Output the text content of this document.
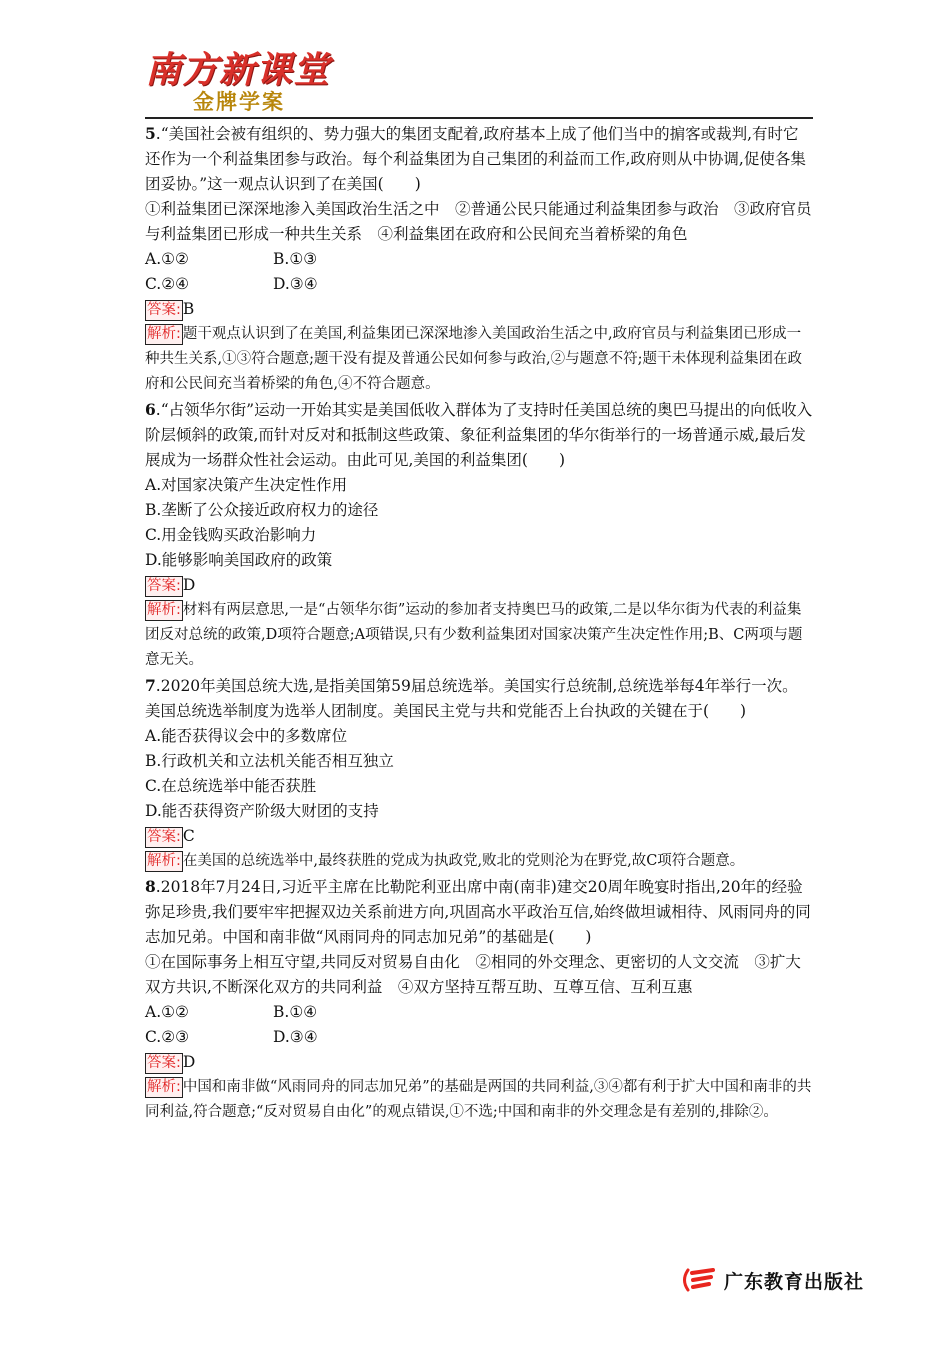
南方新课堂
金牌学案

5.“美国社会被有组织的、势力强大的集团支配着,政府基本上成了他们当中的掮客或裁判,有时它还作为一个利益集团参与政治。每个利益集团为自己集团的利益而工作,政府则从中协调,促使各集团妥协。”这一观点认识到了在美国(　　)

①利益集团已深深地渗入美国政治生活之中　②普通公民只能通过利益集团参与政治　③政府官员与利益集团已形成一种共生关系　④利益集团在政府和公民间充当着桥梁的角色

A.①②	B.①③
C.②④	D.③④

答案: B

解析: 题干观点认识到了在美国,利益集团已深深地渗入美国政治生活之中,政府官员与利益集团已形成一种共生关系,①③符合题意;题干没有提及普通公民如何参与政治,②与题意不符;题干未体现利益集团在政府和公民间充当着桥梁的角色,④不符合题意。

6.“占领华尔街”运动一开始其实是美国低收入群体为了支持时任美国总统的奥巴马提出的向低收入阶层倾斜的政策,而针对反对和抵制这些政策、象征利益集团的华尔街举行的一场普通示威,最后发展成为一场群众性社会运动。由此可见,美国的利益集团(　　)

A.对国家决策产生决定性作用

B.垄断了公众接近政府权力的途径

C.用金钱购买政治影响力

D.能够影响美国政府的政策

答案: D

解析: 材料有两层意思,一是“占领华尔街”运动的参加者支持奥巴马的政策,二是以华尔街为代表的利益集团反对总统的政策,D项符合题意;A项错误,只有少数利益集团对国家决策产生决定性作用;B、C两项与题意无关。

7.2020年美国总统大选,是指美国第59届总统选举。美国实行总统制,总统选举每4年举行一次。美国总统选举制度为选举人团制度。美国民主党与共和党能否上台执政的关键在于(　　)

A.能否获得议会中的多数席位

B.行政机关和立法机关能否相互独立

C.在总统选举中能否获胜

D.能否获得资产阶级大财团的支持

答案: C

解析: 在美国的总统选举中,最终获胜的党成为执政党,败北的党则沦为在野党,故C项符合题意。

8.2018年7月24日,习近平主席在比勒陀利亚出席中南(南非)建交20周年晚宴时指出,20年的经验弥足珍贵,我们要牢牢把握双边关系前进方向,巩固高水平政治互信,始终做坦诚相待、风雨同舟的同志加兄弟。中国和南非做“风雨同舟的同志加兄弟”的基础是(　　)

①在国际事务上相互守望,共同反对贸易自由化　②相同的外交理念、更密切的人文交流　③扩大双方共识,不断深化双方的共同利益　④双方坚持互帮互助、互尊互信、互利互惠

A.①②	B.①④
C.②③	D.③④

答案: D

解析: 中国和南非做“风雨同舟的同志加兄弟”的基础是两国的共同利益,③④都有利于扩大中国和南非的共同利益,符合题意;“反对贸易自由化”的观点错误,①不选;中国和南非的外交理念是有差别的,排除②。

广东教育出版社
